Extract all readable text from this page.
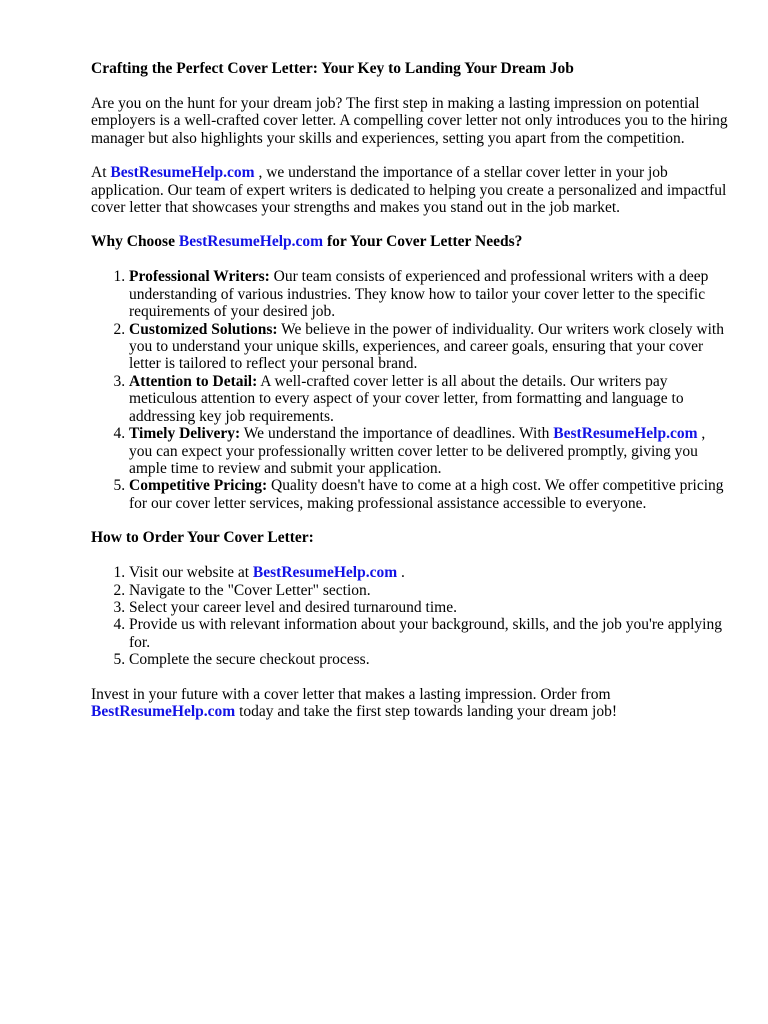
Crafting the Perfect Cover Letter: Your Key to Landing Your Dream Job

Are you on the hunt for your dream job? The first step in making a lasting impression on potential employers is a well-crafted cover letter. A compelling cover letter not only introduces you to the hiring manager but also highlights your skills and experiences, setting you apart from the competition.

At BestResumeHelp.com , we understand the importance of a stellar cover letter in your job application. Our team of expert writers is dedicated to helping you create a personalized and impactful cover letter that showcases your strengths and makes you stand out in the job market.

Why Choose BestResumeHelp.com for Your Cover Letter Needs?
1. Professional Writers: Our team consists of experienced and professional writers with a deep understanding of various industries. They know how to tailor your cover letter to the specific requirements of your desired job.
2. Customized Solutions: We believe in the power of individuality. Our writers work closely with you to understand your unique skills, experiences, and career goals, ensuring that your cover letter is tailored to reflect your personal brand.
3. Attention to Detail: A well-crafted cover letter is all about the details. Our writers pay meticulous attention to every aspect of your cover letter, from formatting and language to addressing key job requirements.
4. Timely Delivery: We understand the importance of deadlines. With BestResumeHelp.com , you can expect your professionally written cover letter to be delivered promptly, giving you ample time to review and submit your application.
5. Competitive Pricing: Quality doesn't have to come at a high cost. We offer competitive pricing for our cover letter services, making professional assistance accessible to everyone.
How to Order Your Cover Letter:
1. Visit our website at BestResumeHelp.com .
2. Navigate to the "Cover Letter" section.
3. Select your career level and desired turnaround time.
4. Provide us with relevant information about your background, skills, and the job you're applying for.
5. Complete the secure checkout process.

Invest in your future with a cover letter that makes a lasting impression. Order from BestResumeHelp.com today and take the first step towards landing your dream job!
